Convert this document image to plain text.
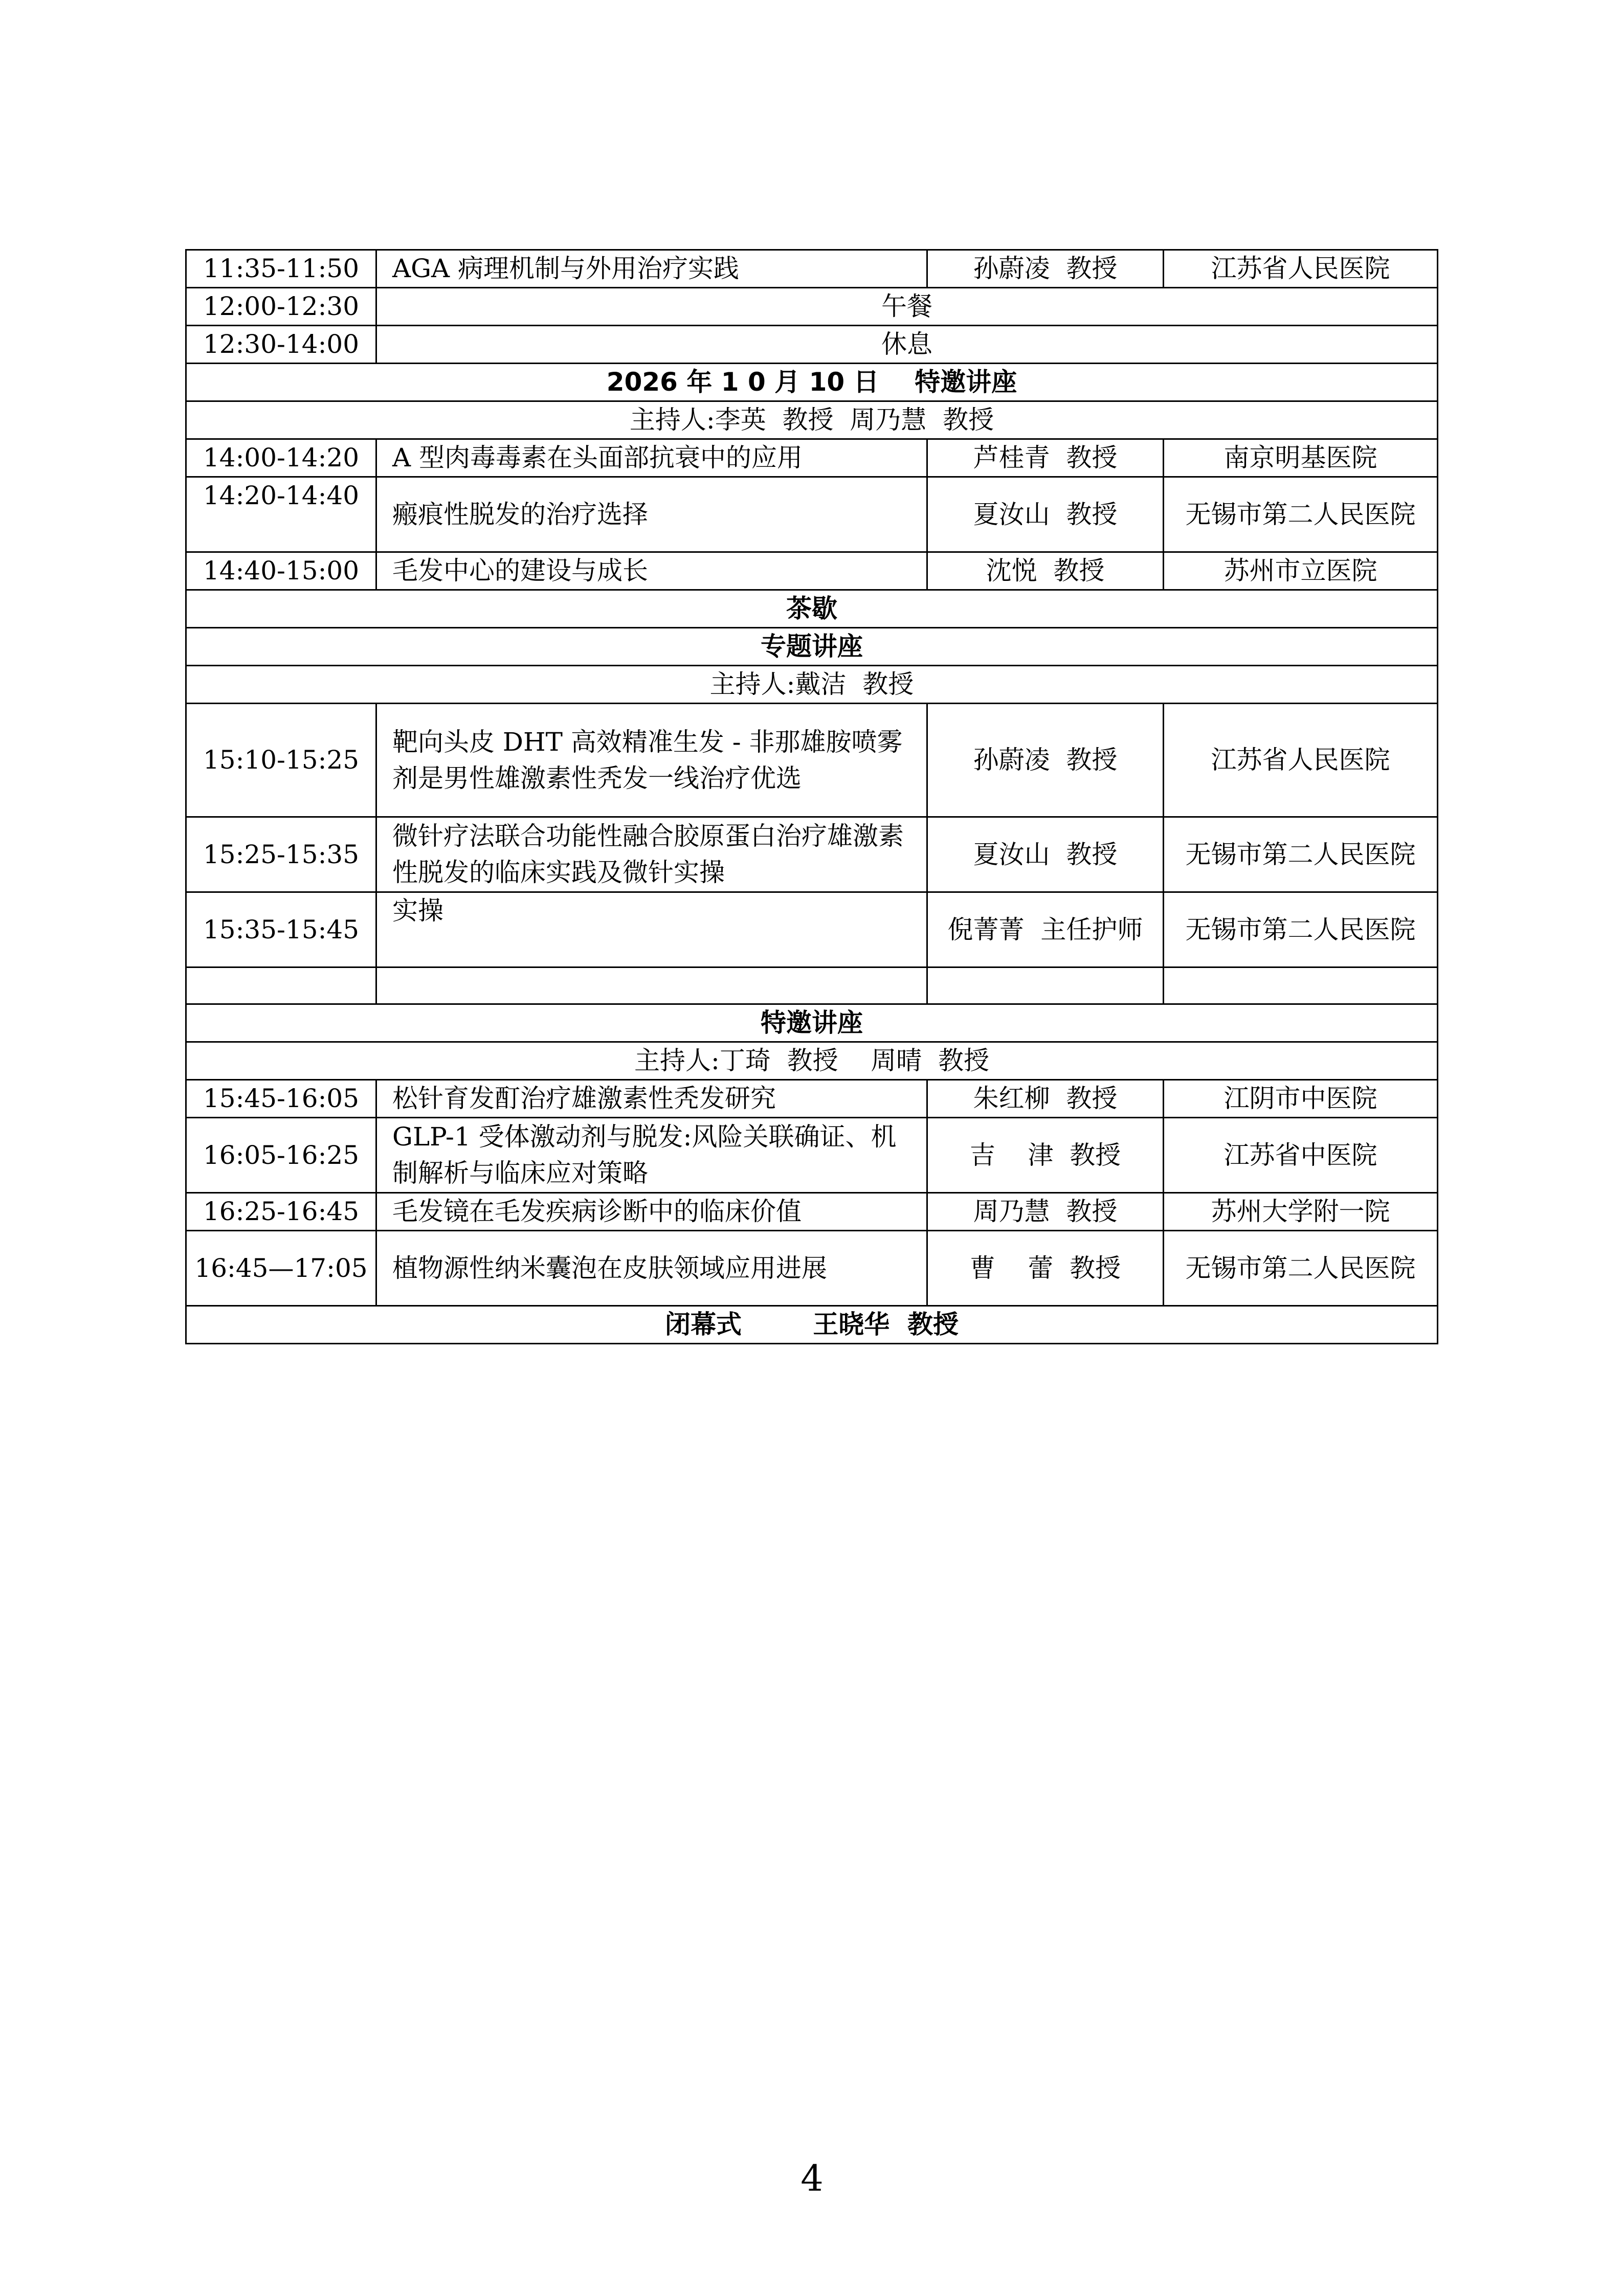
11:35-11:50	AGA 病理机制与外用治疗实践	孙蔚凌  教授	江苏省人民医院
12:00-12:30	午餐		
12:30-14:00	休息		
2026 年 1 0 月 10 日    特邀讲座			
主持人:李英  教授  周乃慧  教授			
14:00-14:20	A 型肉毒毒素在头面部抗衰中的应用	芦桂青  教授	南京明基医院
14:20-14:40	瘢痕性脱发的治疗选择	夏汝山  教授	无锡市第二人民医院
14:40-15:00	毛发中心的建设与成长	沈悦  教授	苏州市立医院
茶歇			
专题讲座			
主持人:戴洁  教授			
15:10-15:25	靶向头皮 DHT 高效精准生发 - 非那雄胺喷雾剂是男性雄激素性秃发一线治疗优选	孙蔚凌  教授	江苏省人民医院
15:25-15:35	微针疗法联合功能性融合胶原蛋白治疗雄激素性脱发的临床实践及微针实操	夏汝山  教授	无锡市第二人民医院
15:35-15:45	实操	倪菁菁  主任护师	无锡市第二人民医院

特邀讲座			
主持人:丁琦  教授    周晴  教授			
15:45-16:05	松针育发酊治疗雄激素性秃发研究	朱红柳  教授	江阴市中医院
16:05-16:25	GLP-1 受体激动剂与脱发:风险关联确证、机制解析与临床应对策略	吉    津  教授	江苏省中医院
16:25-16:45	毛发镜在毛发疾病诊断中的临床价值	周乃慧  教授	苏州大学附一院
16:45—17:05	植物源性纳米囊泡在皮肤领域应用进展	曹    蕾  教授	无锡市第二人民医院
闭幕式        王晓华  教授			
4
